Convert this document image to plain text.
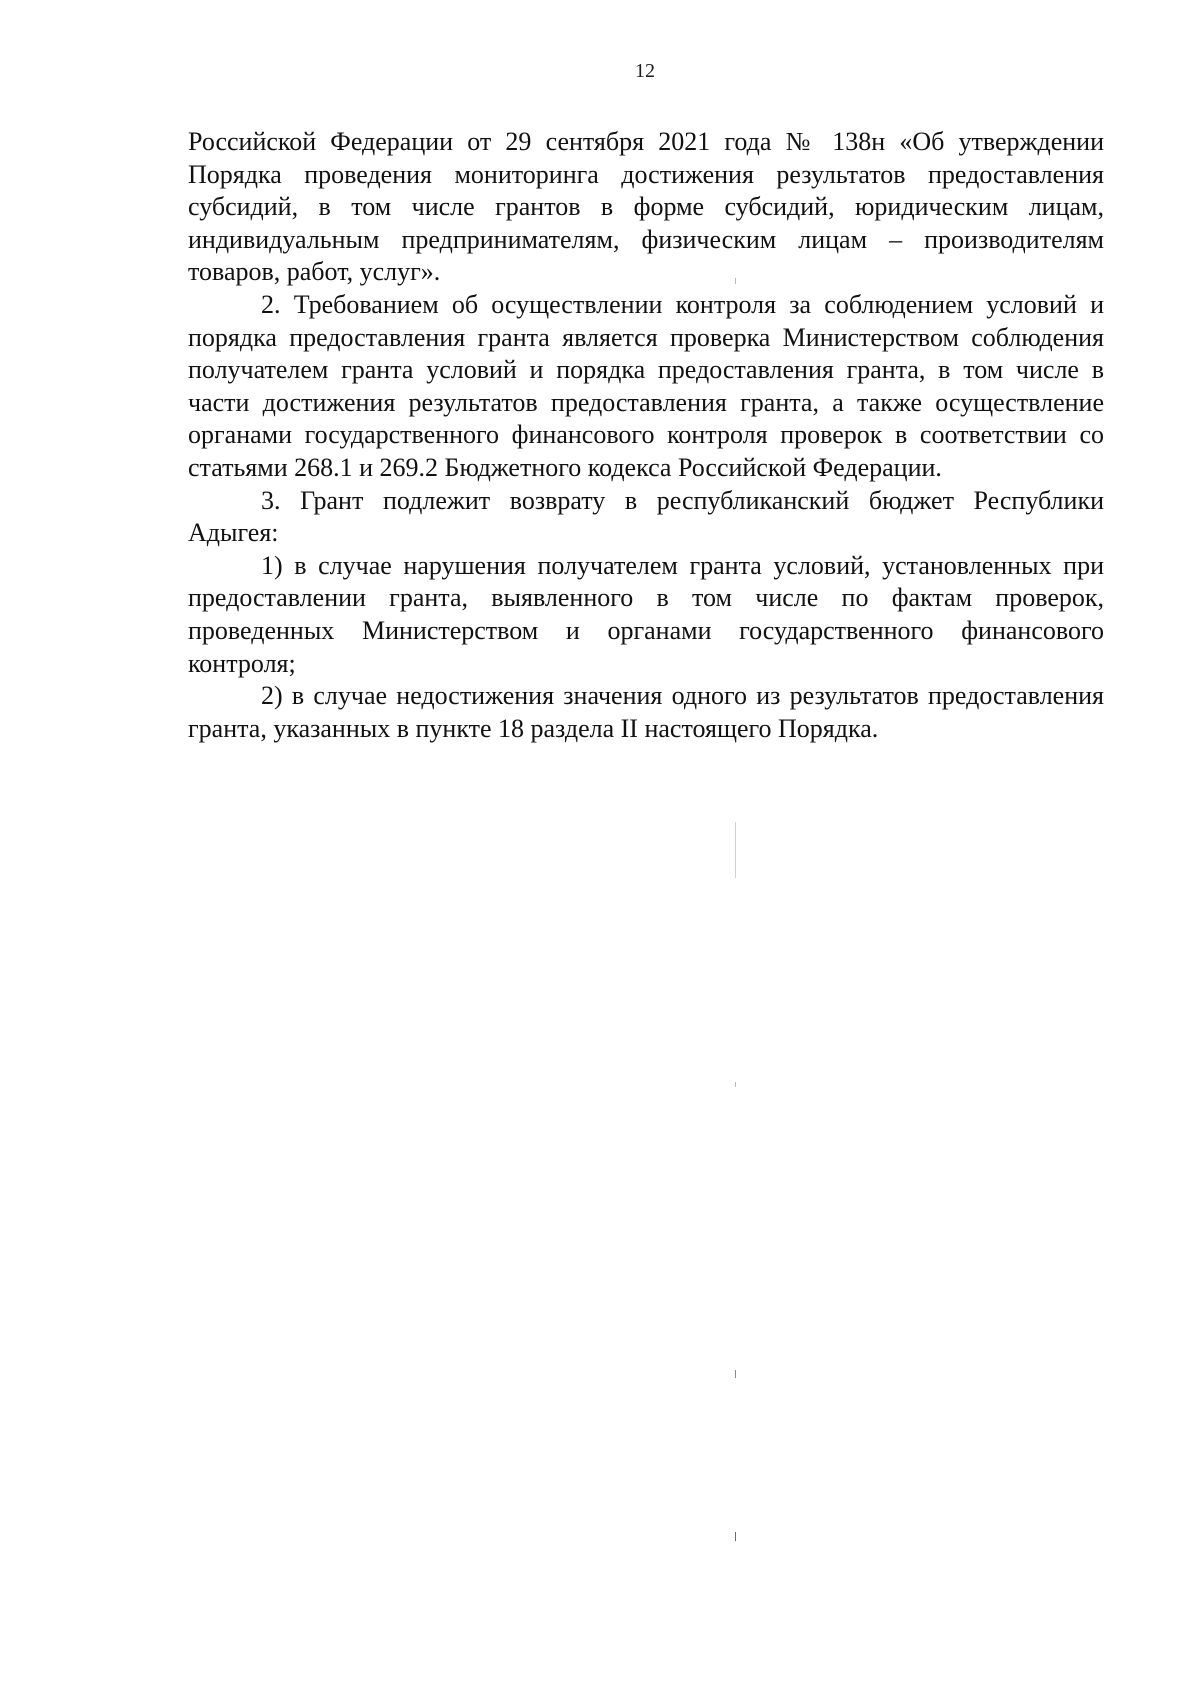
12

Российской Федерации от 29 сентября 2021 года № 138н «Об утверждении Порядка проведения мониторинга достижения результатов предоставления субсидий, в том числе грантов в форме субсидий, юридическим лицам, индивидуальным предпринимателям, физическим лицам – производителям товаров, работ, услуг».

2. Требованием об осуществлении контроля за соблюдением условий и порядка предоставления гранта является проверка Министерством соблюдения получателем гранта условий и порядка предоставления гранта, в том числе в части достижения результатов предоставления гранта, а также осуществление органами государственного финансового контроля проверок в соответствии со статьями 268.1 и 269.2 Бюджетного кодекса Российской Федерации.

3. Грант подлежит возврату в республиканский бюджет Республики Адыгея:

1) в случае нарушения получателем гранта условий, установленных при предоставлении гранта, выявленного в том числе по фактам проверок, проведенных Министерством и органами государственного финансового контроля;

2) в случае недостижения значения одного из результатов предоставления гранта, указанных в пункте 18 раздела II настоящего Порядка.
